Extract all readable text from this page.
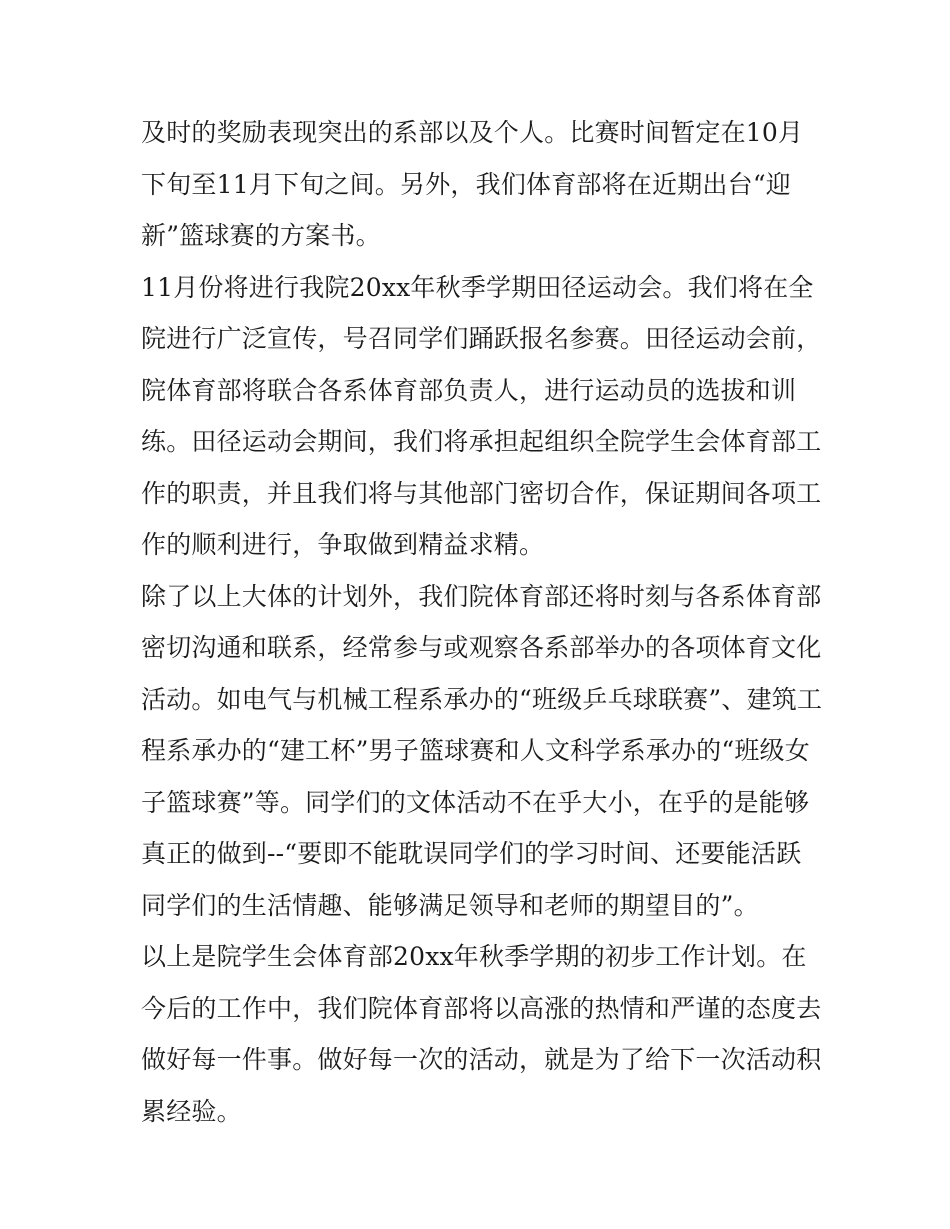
及时的奖励表现突出的系部以及个人。比赛时间暂定在10月
下旬至11月下旬之间。另外，我们体育部将在近期出台“迎
新”篮球赛的方案书。
11月份将进行我院20xx年秋季学期田径运动会。我们将在全
院进行广泛宣传，号召同学们踊跃报名参赛。田径运动会前，
院体育部将联合各系体育部负责人，进行运动员的选拔和训
练。田径运动会期间，我们将承担起组织全院学生会体育部工
作的职责，并且我们将与其他部门密切合作，保证期间各项工
作的顺利进行，争取做到精益求精。
除了以上大体的计划外，我们院体育部还将时刻与各系体育部
密切沟通和联系，经常参与或观察各系部举办的各项体育文化
活动。如电气与机械工程系承办的“班级乒乓球联赛”、建筑工
程系承办的“建工杯”男子篮球赛和人文科学系承办的“班级女
子篮球赛”等。同学们的文体活动不在乎大小，在乎的是能够
真正的做到--“要即不能耽误同学们的学习时间、还要能活跃
同学们的生活情趣、能够满足领导和老师的期望目的”。
以上是院学生会体育部20xx年秋季学期的初步工作计划。在
今后的工作中，我们院体育部将以高涨的热情和严谨的态度去
做好每一件事。做好每一次的活动，就是为了给下一次活动积
累经验。
